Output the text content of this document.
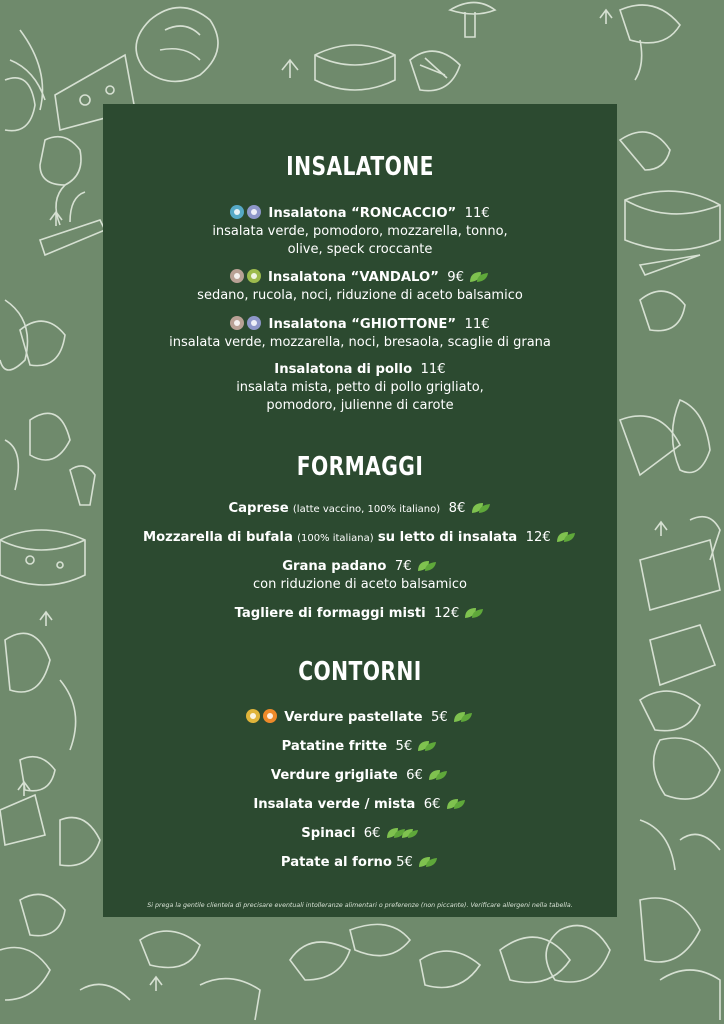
INSALATONE
Insalatona “RONCACCIO” 11€
insalata verde, pomodoro, mozzarella, tonno,
olive, speck croccante
Insalatona “VANDALO” 9€
sedano, rucola, noci, riduzione di aceto balsamico
Insalatona “GHIOTTONE” 11€
insalata verde, mozzarella, noci, bresaola, scaglie di grana
Insalatona di pollo 11€
insalata mista, petto di pollo grigliato,
pomodoro, julienne di carote
FORMAGGI
Caprese (latte vaccino, 100% italiano) 8€
Mozzarella di bufala (100% italiana) su letto di insalata 12€
Grana padano 7€
con riduzione di aceto balsamico
Tagliere di formaggi misti 12€
CONTORNI
Verdure pastellate 5€
Patatine fritte 5€
Verdure grigliate 6€
Insalata verde / mista 6€
Spinaci 6€
Patate al forno 5€
Si prega la gentile clientela di precisare eventuali intolleranze alimentari o preferenze (non piccante). Verificare allergeni nella tabella.
